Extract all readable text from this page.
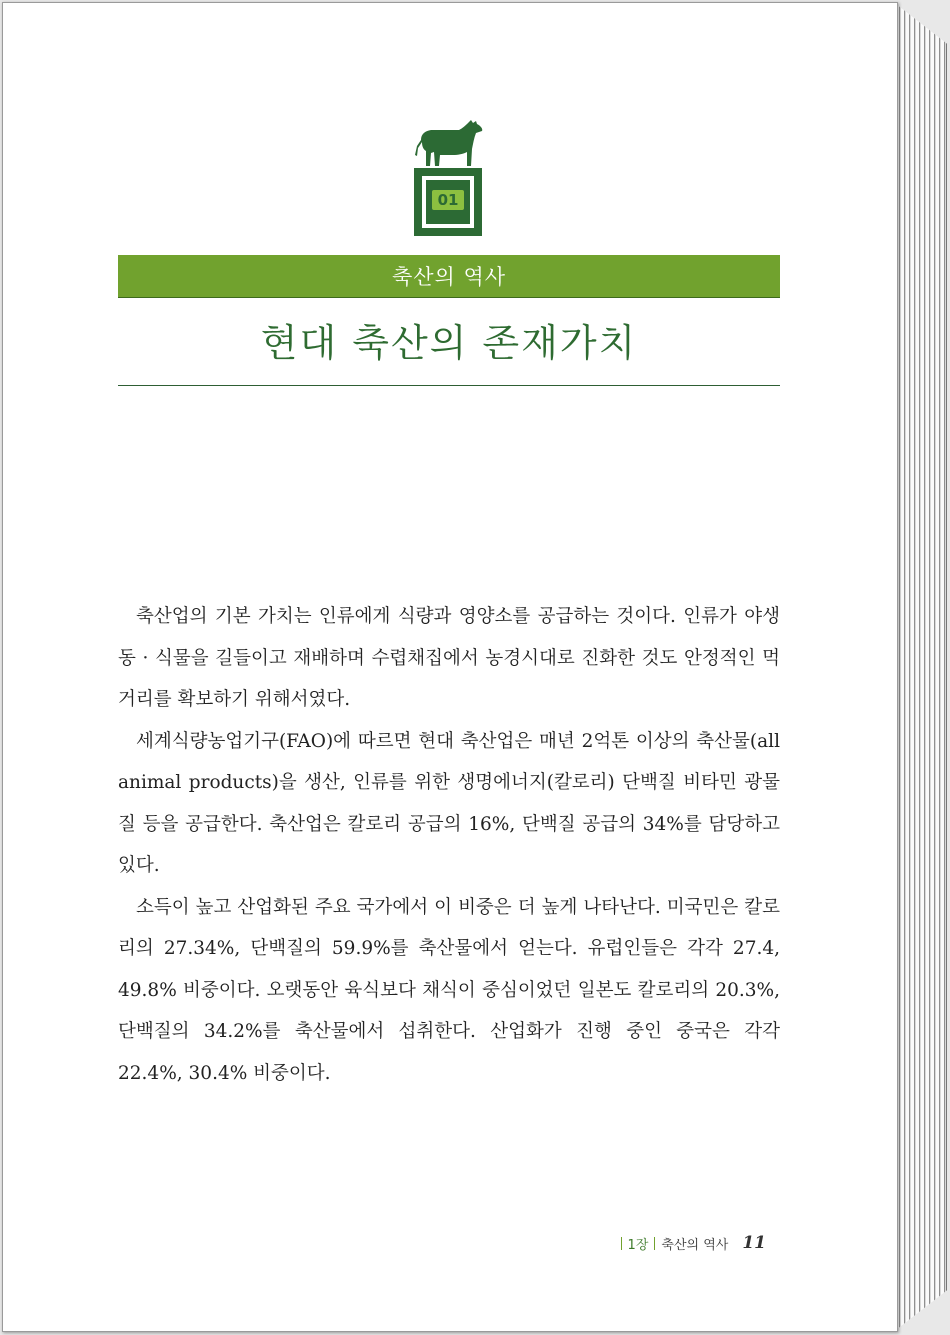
01
축산의 역사
현대 축산의 존재가치

축산업의 기본 가치는 인류에게 식량과 영양소를 공급하는 것이다. 인류가 야생 동 · 식물을 길들이고 재배하며 수렵채집에서 농경시대로 진화한 것도 안정적인 먹거리를 확보하기 위해서였다.

세계식량농업기구(FAO)에 따르면 현대 축산업은 매년 2억톤 이상의 축산물(all animal products)을 생산, 인류를 위한 생명에너지(칼로리) 단백질 비타민 광물질 등을 공급한다. 축산업은 칼로리 공급의 16%, 단백질 공급의 34%를 담당하고 있다.

소득이 높고 산업화된 주요 국가에서 이 비중은 더 높게 나타난다. 미국민은 칼로리의 27.34%, 단백질의 59.9%를 축산물에서 얻는다. 유럽인들은 각각 27.4, 49.8% 비중이다. 오랫동안 육식보다 채식이 중심이었던 일본도 칼로리의 20.3%, 단백질의 34.2%를 축산물에서 섭취한다. 산업화가 진행 중인 중국은 각각 22.4%, 30.4% 비중이다.

1장 축산의 역사 11
